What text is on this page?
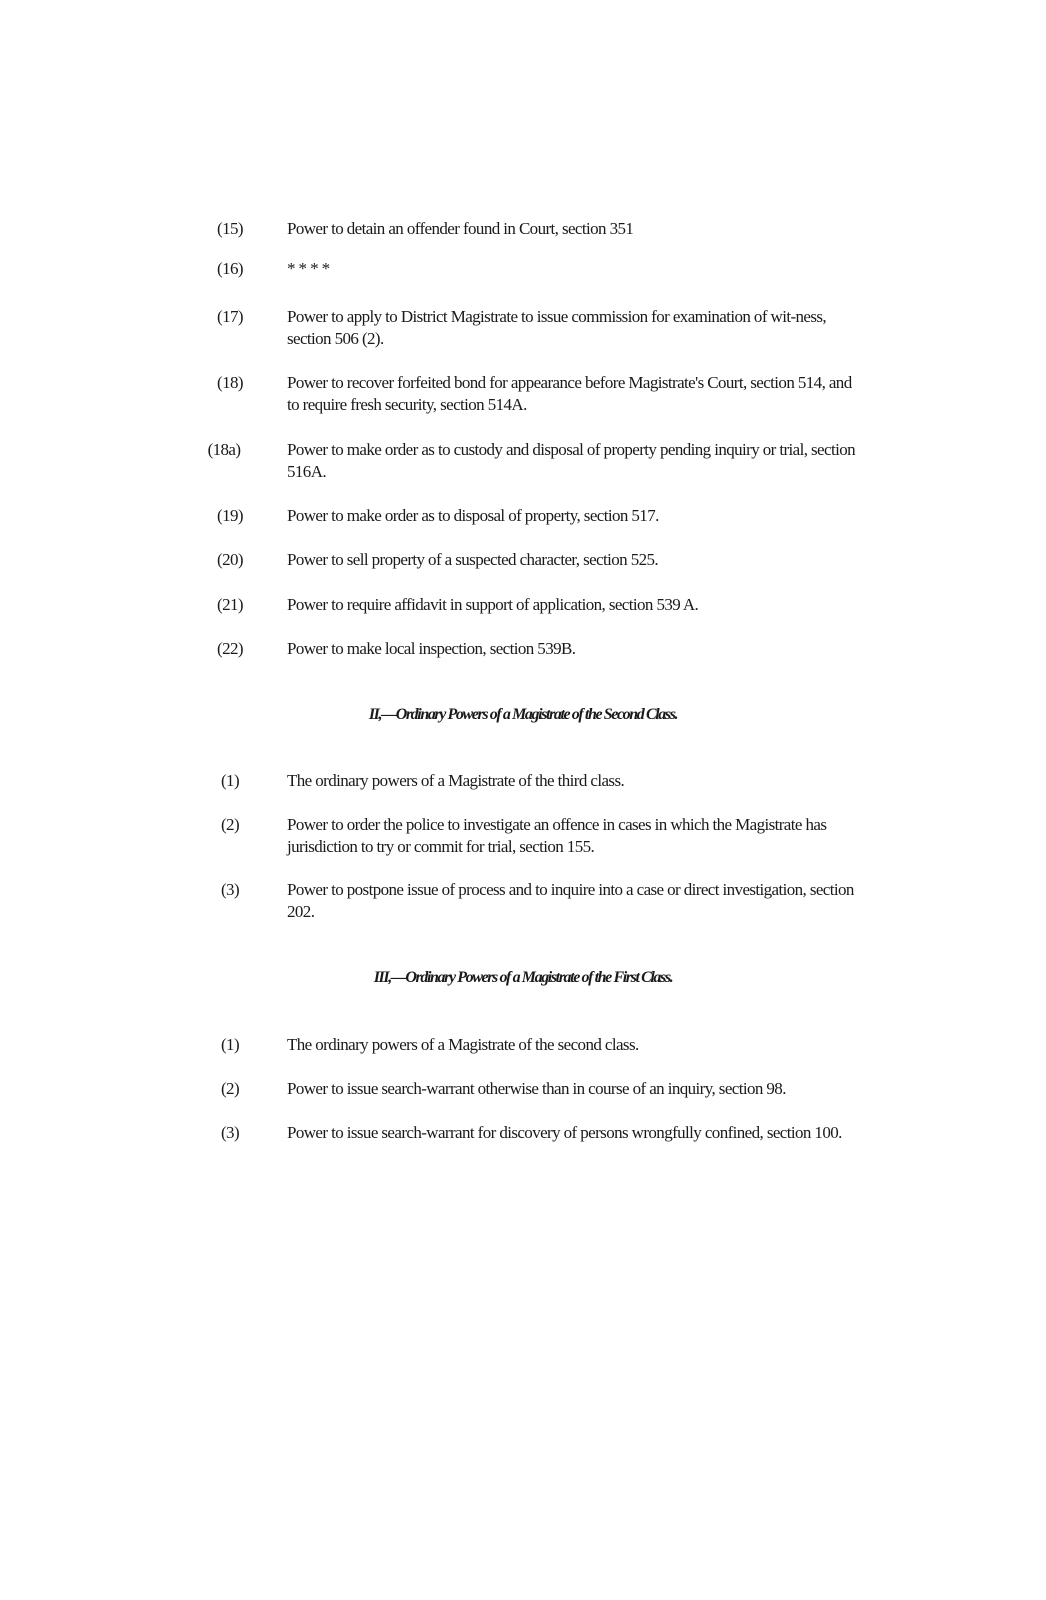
(15)	Power to detain an offender found in Court, section 351
(16)	* * * *
(17)	Power to apply to District Magistrate to issue commission for examination of wit-ness, section 506 (2).
(18)	Power to recover forfeited bond for appearance before Magistrate's Court, section 514, and to require fresh security, section 514A.
(18a)	Power to make order as to custody and disposal of property pending inquiry or trial, section 516A.
(19)	Power to make order as to disposal of property, section 517.
(20)	Power to sell property of a suspected character, section 525.
(21)	Power to require affidavit in support of application, section 539 A.
(22)	Power to make local inspection, section 539B.
II,—Ordinary Powers of a Magistrate of the Second Class.
(1)	The ordinary powers of a Magistrate of the third class.
(2)	Power to order the police to investigate an offence in cases in which the Magistrate has jurisdiction to try or commit for trial, section 155.
(3)	Power to postpone issue of process and to inquire into a case or direct investigation, section 202.
III,—Ordinary Powers of a Magistrate of the First Class.
(1)	The ordinary powers of a Magistrate of the second class.
(2)	Power to issue search-warrant otherwise than in course of an inquiry, section 98.
(3)	Power to issue search-warrant for discovery of persons wrongfully confined, section 100.
